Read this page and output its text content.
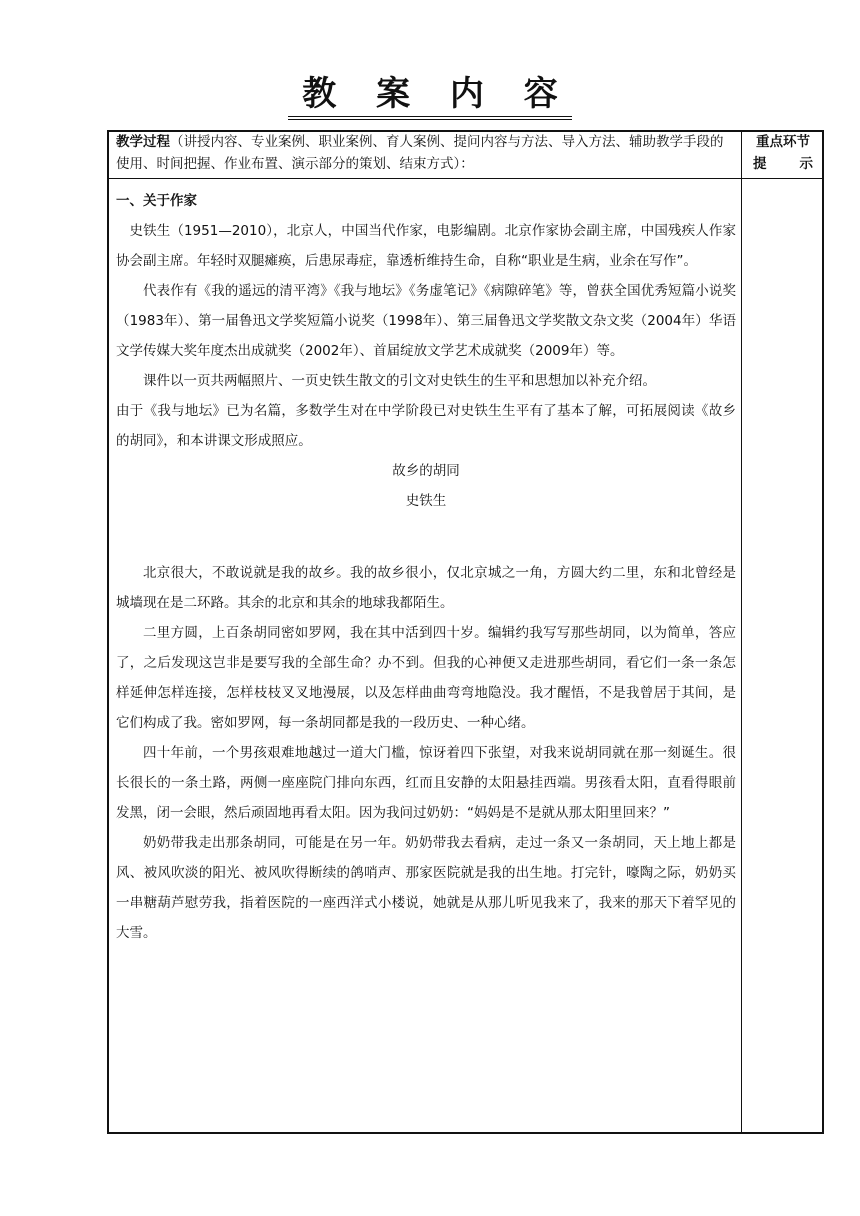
教 案 内 容
教学过程（讲授内容、专业案例、职业案例、育人案例、提问内容与方法、导入方法、辅助教学手段的使用、时间把握、作业布置、演示部分的策划、结束方式）：
重点环节
提 示

一、关于作家

史铁生（1951—2010），北京人，中国当代作家，电影编剧。北京作家协会副主席，中国残疾人作家协会副主席。年轻时双腿瘫痪，后患尿毒症，靠透析维持生命，自称“职业是生病，业余在写作”。

代表作有《我的遥远的清平湾》《我与地坛》《务虚笔记》《病隙碎笔》等，曾获全国优秀短篇小说奖（1983年）、第一届鲁迅文学奖短篇小说奖（1998年）、第三届鲁迅文学奖散文杂文奖（2004年）华语文学传媒大奖年度杰出成就奖（2002年）、首届绽放文学艺术成就奖（2009年）等。

课件以一页共两幅照片、一页史铁生散文的引文对史铁生的生平和思想加以补充介绍。

由于《我与地坛》已为名篇，多数学生对在中学阶段已对史铁生生平有了基本了解，可拓展阅读《故乡的胡同》，和本讲课文形成照应。

故乡的胡同

史铁生

北京很大，不敢说就是我的故乡。我的故乡很小，仅北京城之一角，方圆大约二里，东和北曾经是城墙现在是二环路。其余的北京和其余的地球我都陌生。

二里方圆，上百条胡同密如罗网，我在其中活到四十岁。编辑约我写写那些胡同，以为简单，答应了，之后发现这岂非是要写我的全部生命？办不到。但我的心神便又走进那些胡同，看它们一条一条怎样延伸怎样连接，怎样枝枝叉叉地漫展，以及怎样曲曲弯弯地隐没。我才醒悟，不是我曾居于其间，是它们构成了我。密如罗网，每一条胡同都是我的一段历史、一种心绪。

四十年前，一个男孩艰难地越过一道大门槛，惊讶着四下张望，对我来说胡同就在那一刻诞生。很长很长的一条土路，两侧一座座院门排向东西，红而且安静的太阳悬挂西端。男孩看太阳，直看得眼前发黑，闭一会眼，然后顽固地再看太阳。因为我问过奶奶：“妈妈是不是就从那太阳里回来？”

奶奶带我走出那条胡同，可能是在另一年。奶奶带我去看病，走过一条又一条胡同，天上地上都是风、被风吹淡的阳光、被风吹得断续的鸽哨声、那家医院就是我的出生地。打完针，嚎陶之际，奶奶买一串糖葫芦慰劳我，指着医院的一座西洋式小楼说，她就是从那儿听见我来了，我来的那天下着罕见的大雪。
